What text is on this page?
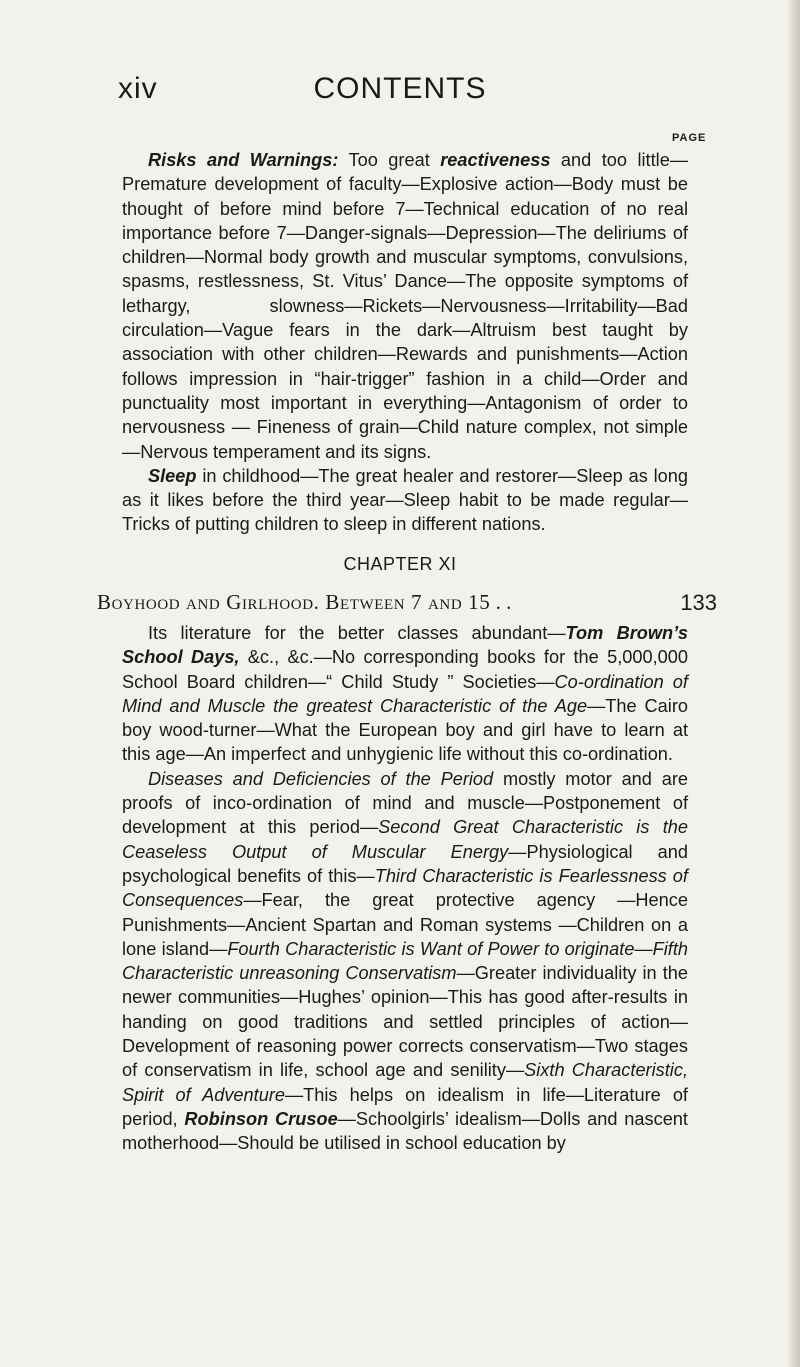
xiv	CONTENTS
PAGE

Risks and Warnings: Too great reactiveness and too little—Premature development of faculty—Explosive action—Body must be thought of before mind before 7—Technical education of no real importance before 7—Danger-signals—Depression—The deliriums of children—Normal body growth and muscular symptoms, convulsions, spasms, restlessness, St. Vitus’ Dance—The opposite symptoms of lethargy, slowness—Rickets—Nervousness—Irritability—Bad circulation—Vague fears in the dark—Altruism best taught by association with other children—Rewards and punishments—Action follows impression in “hair-trigger” fashion in a child—Order and punctuality most important in everything—Antagonism of order to nervousness — Fineness of grain—Child nature complex, not simple—Nervous temperament and its signs.

Sleep in childhood—The great healer and restorer—Sleep as long as it likes before the third year—Sleep habit to be made regular—Tricks of putting children to sleep in different nations.

CHAPTER XI
Boyhood and Girlhood. Between 7 and 15 . .	133

Its literature for the better classes abundant—Tom Brown’s School Days, &c., &c.—No corresponding books for the 5,000,000 School Board children—“ Child Study ” Societies—Co-ordination of Mind and Muscle the greatest Characteristic of the Age—The Cairo boy wood-turner—What the European boy and girl have to learn at this age—An imperfect and unhygienic life without this co-ordination.

Diseases and Deficiencies of the Period mostly motor and are proofs of inco-ordination of mind and muscle—Postponement of development at this period—Second Great Characteristic is the Ceaseless Output of Muscular Energy—Physiological and psychological benefits of this—Third Characteristic is Fearlessness of Consequences—Fear, the great protective agency —Hence Punishments—Ancient Spartan and Roman systems —Children on a lone island—Fourth Characteristic is Want of Power to originate—Fifth Characteristic unreasoning Conservatism—Greater individuality in the newer communities—Hughes’ opinion—This has good after-results in handing on good traditions and settled principles of action—Development of reasoning power corrects conservatism—Two stages of conservatism in life, school age and senility—Sixth Characteristic, Spirit of Adventure—This helps on idealism in life—Literature of period, Robinson Crusoe—Schoolgirls’ idealism—Dolls and nascent motherhood—Should be utilised in school education by
